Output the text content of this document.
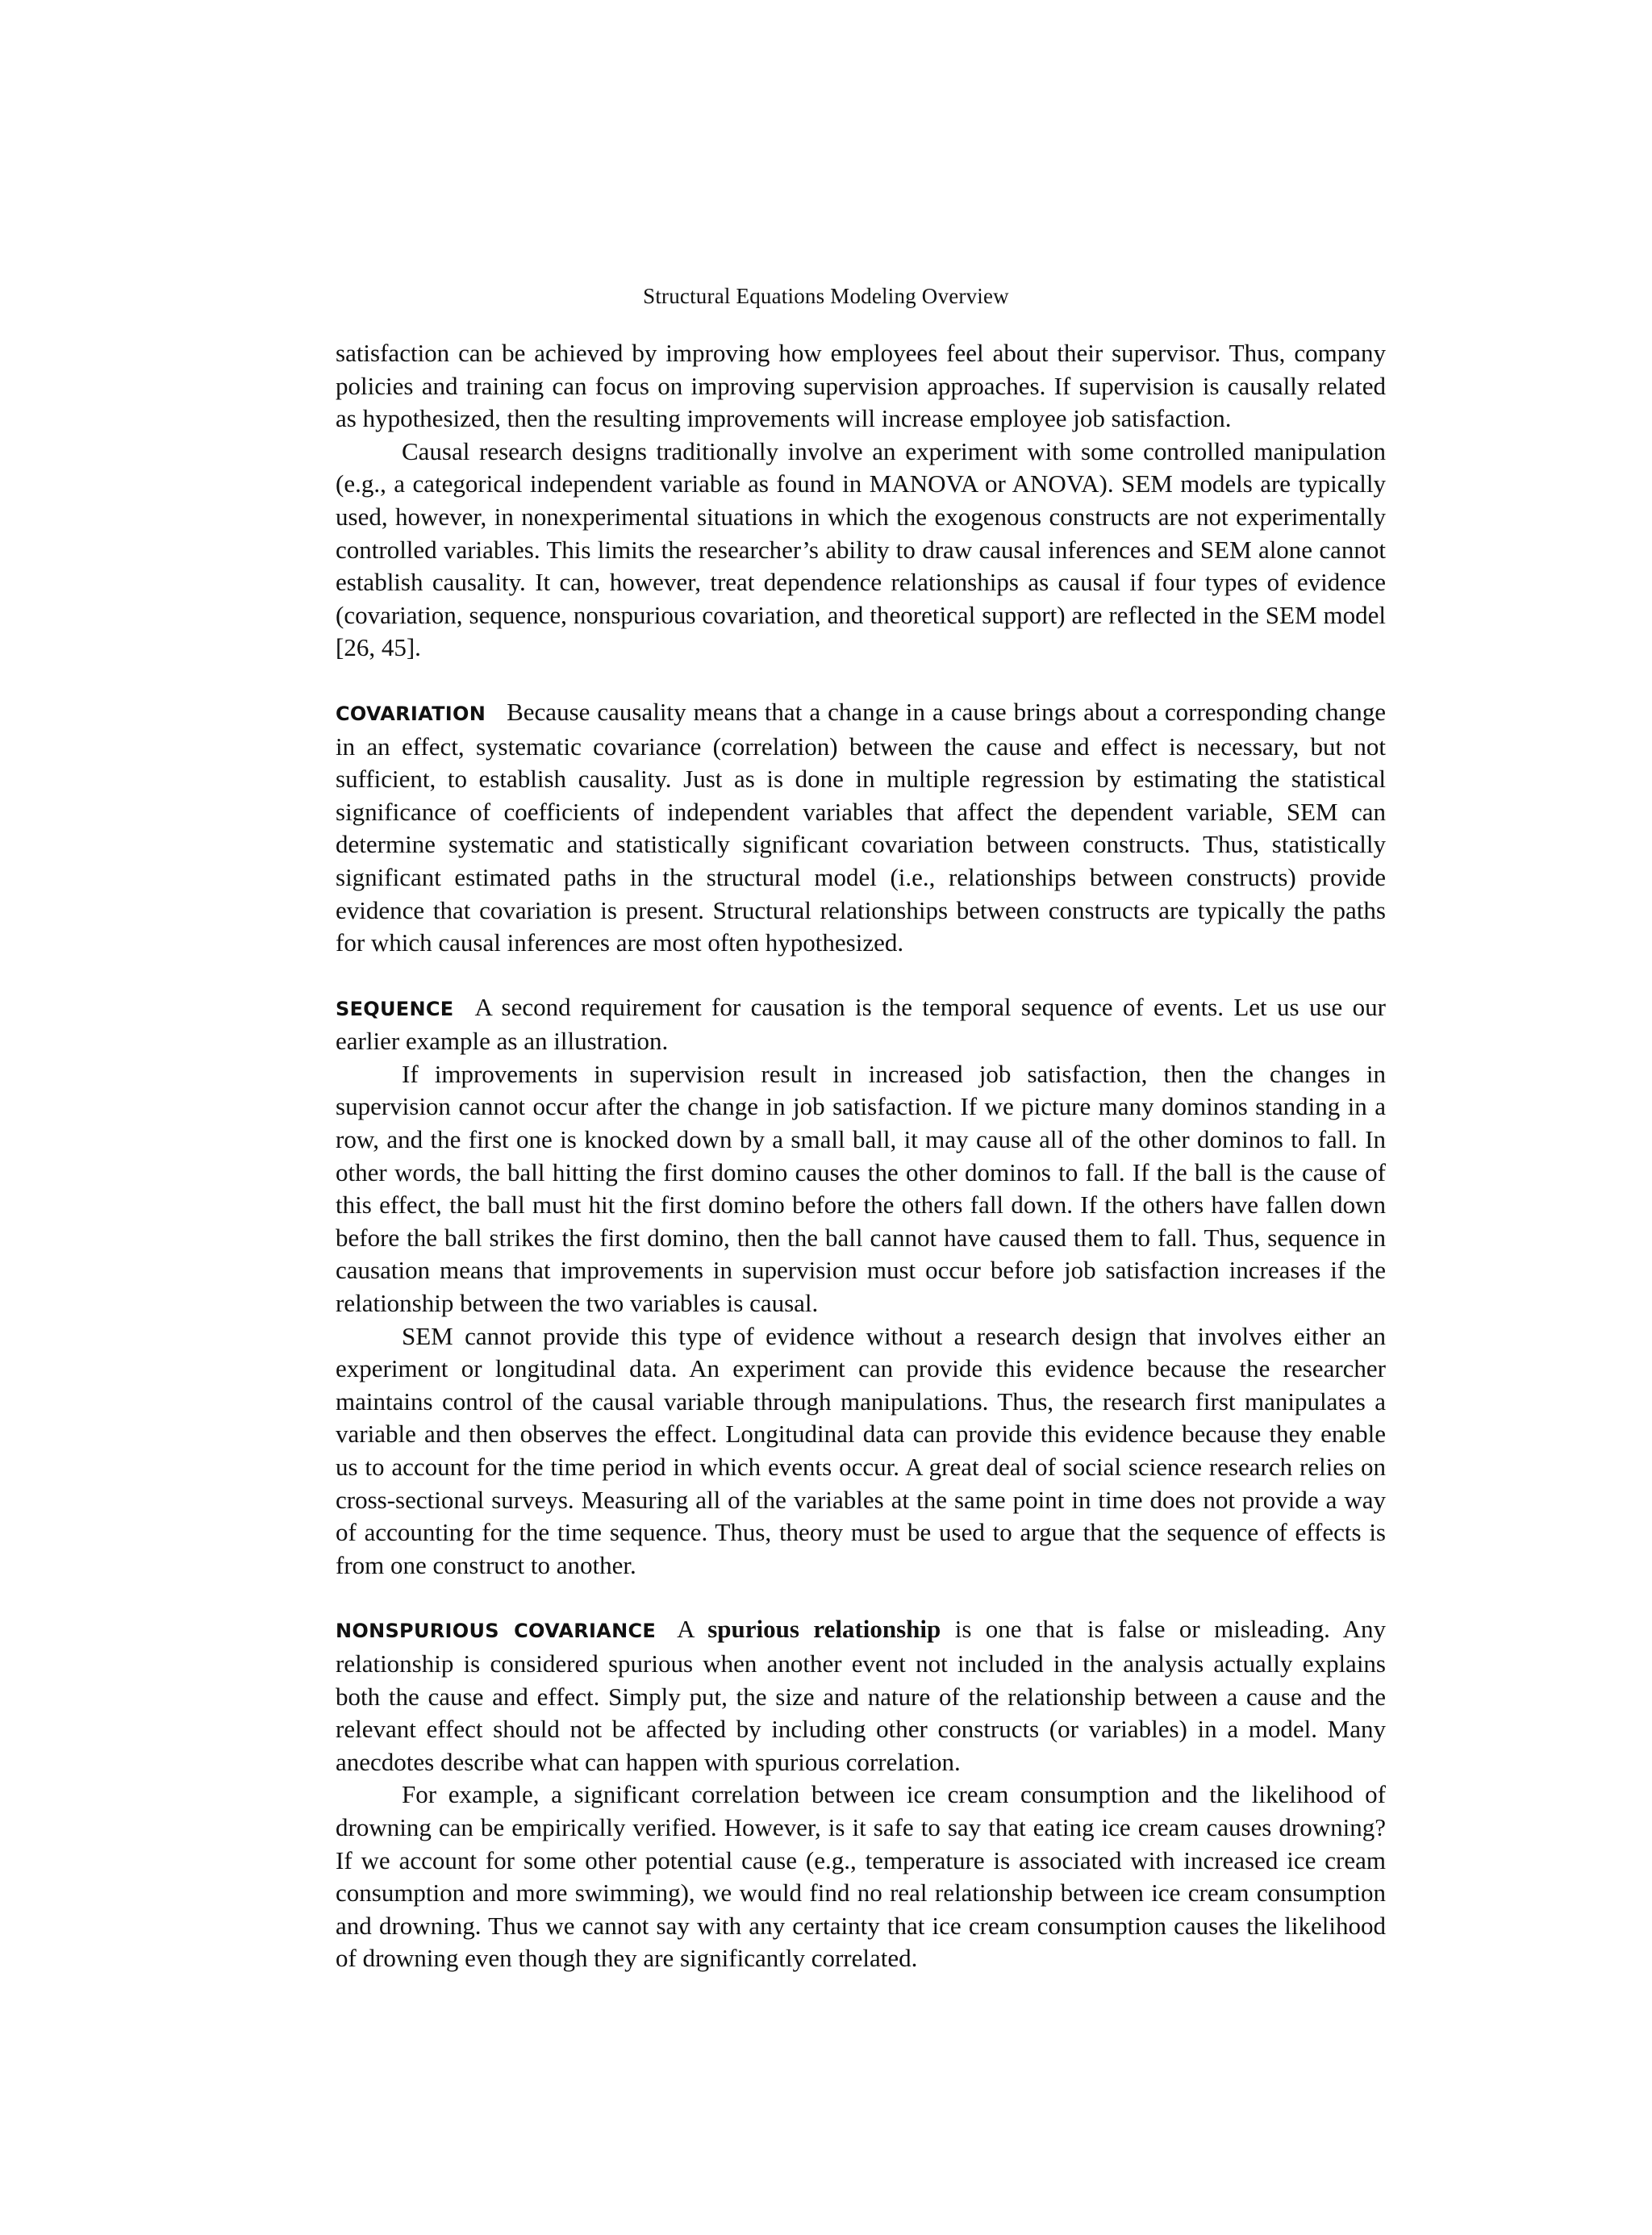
Structural Equations Modeling Overview

satisfaction can be achieved by improving how employees feel about their supervisor. Thus, company policies and training can focus on improving supervision approaches. If supervision is causally related as hypothesized, then the resulting improvements will increase employee job satisfaction.

Causal research designs traditionally involve an experiment with some controlled manipulation (e.g., a categorical independent variable as found in MANOVA or ANOVA). SEM models are typically used, however, in nonexperimental situations in which the exogenous constructs are not experimentally controlled variables. This limits the researcher’s ability to draw causal inferences and SEM alone cannot establish causality. It can, however, treat dependence relationships as causal if four types of evidence (covariation, sequence, nonspurious covariation, and theoretical support) are reflected in the SEM model [26, 45].

COVARIATION Because causality means that a change in a cause brings about a corresponding change in an effect, systematic covariance (correlation) between the cause and effect is necessary, but not sufficient, to establish causality. Just as is done in multiple regression by estimating the statistical significance of coefficients of independent variables that affect the dependent variable, SEM can determine systematic and statistically significant covariation between constructs. Thus, statistically significant estimated paths in the structural model (i.e., relationships between constructs) provide evidence that covariation is present. Structural relationships between constructs are typically the paths for which causal inferences are most often hypothesized.

SEQUENCE A second requirement for causation is the temporal sequence of events. Let us use our earlier example as an illustration.

If improvements in supervision result in increased job satisfaction, then the changes in supervision cannot occur after the change in job satisfaction. If we picture many dominos standing in a row, and the first one is knocked down by a small ball, it may cause all of the other dominos to fall. In other words, the ball hitting the first domino causes the other dominos to fall. If the ball is the cause of this effect, the ball must hit the first domino before the others fall down. If the others have fallen down before the ball strikes the first domino, then the ball cannot have caused them to fall. Thus, sequence in causation means that improvements in supervision must occur before job satisfaction increases if the relationship between the two variables is causal.

SEM cannot provide this type of evidence without a research design that involves either an experiment or longitudinal data. An experiment can provide this evidence because the researcher maintains control of the causal variable through manipulations. Thus, the research first manipulates a variable and then observes the effect. Longitudinal data can provide this evidence because they enable us to account for the time period in which events occur. A great deal of social science research relies on cross-sectional surveys. Measuring all of the variables at the same point in time does not provide a way of accounting for the time sequence. Thus, theory must be used to argue that the sequence of effects is from one construct to another.

NONSPURIOUS COVARIANCE A spurious relationship is one that is false or misleading. Any relationship is considered spurious when another event not included in the analysis actually explains both the cause and effect. Simply put, the size and nature of the relationship between a cause and the relevant effect should not be affected by including other constructs (or variables) in a model. Many anecdotes describe what can happen with spurious correlation.

For example, a significant correlation between ice cream consumption and the likelihood of drowning can be empirically verified. However, is it safe to say that eating ice cream causes drowning? If we account for some other potential cause (e.g., temperature is associated with increased ice cream consumption and more swimming), we would find no real relationship between ice cream consumption and drowning. Thus we cannot say with any certainty that ice cream consumption causes the likelihood of drowning even though they are significantly correlated.
